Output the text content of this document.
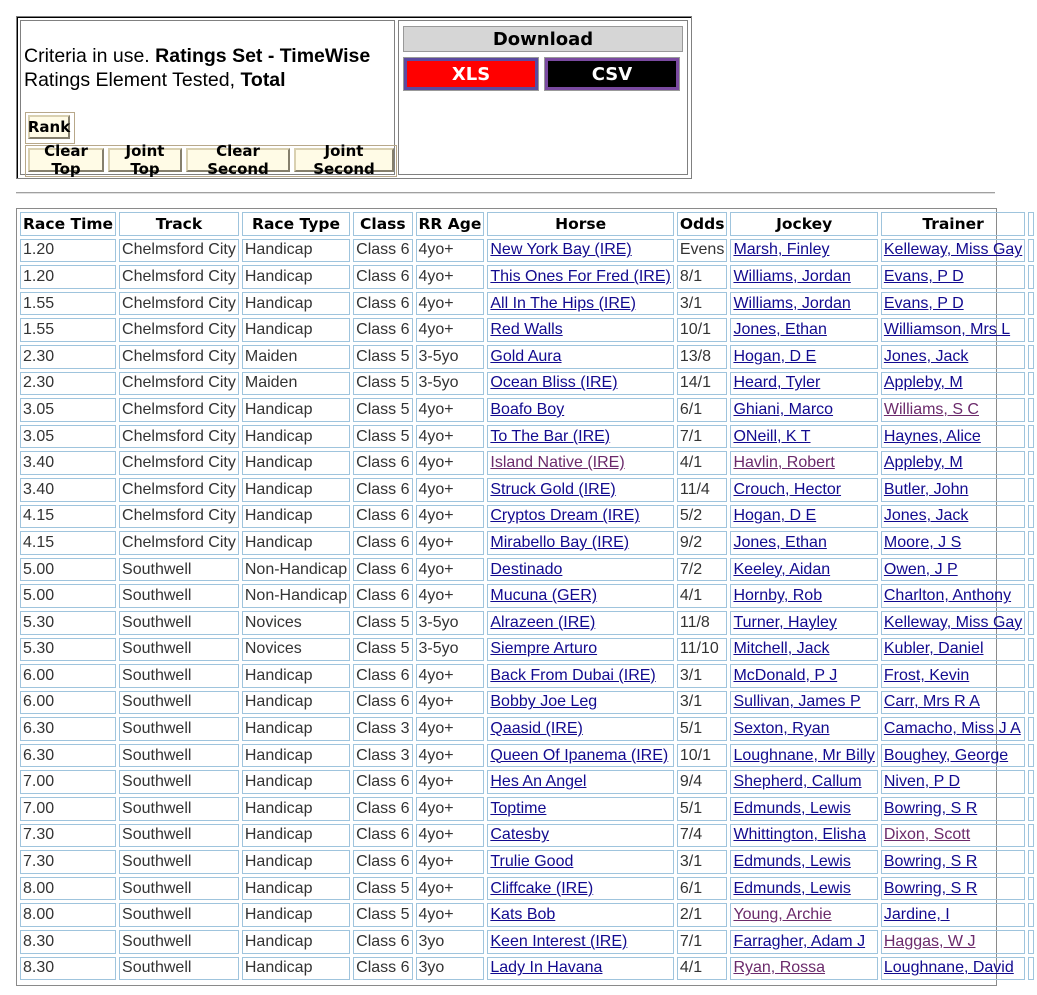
Criteria in use. Ratings Set - TimeWise
Ratings Element Tested, Total
Rank
Clear Top
Joint Top
Clear Second
Joint Second
Download
XLS	CSV
Race Time	Track	Race Type	Class	RR Age	Horse	Odds	Jockey	Trainer	
1.20	Chelmsford City	Handicap	Class 6	4yo+	New York Bay (IRE)	Evens	Marsh, Finley	Kelleway, Miss Gay	
1.20	Chelmsford City	Handicap	Class 6	4yo+	This Ones For Fred (IRE)	8/1	Williams, Jordan	Evans, P D	
1.55	Chelmsford City	Handicap	Class 6	4yo+	All In The Hips (IRE)	3/1	Williams, Jordan	Evans, P D	
1.55	Chelmsford City	Handicap	Class 6	4yo+	Red Walls	10/1	Jones, Ethan	Williamson, Mrs L	
2.30	Chelmsford City	Maiden	Class 5	3-5yo	Gold Aura	13/8	Hogan, D E	Jones, Jack	
2.30	Chelmsford City	Maiden	Class 5	3-5yo	Ocean Bliss (IRE)	14/1	Heard, Tyler	Appleby, M	
3.05	Chelmsford City	Handicap	Class 5	4yo+	Boafo Boy	6/1	Ghiani, Marco	Williams, S C	
3.05	Chelmsford City	Handicap	Class 5	4yo+	To The Bar (IRE)	7/1	ONeill, K T	Haynes, Alice	
3.40	Chelmsford City	Handicap	Class 6	4yo+	Island Native (IRE)	4/1	Havlin, Robert	Appleby, M	
3.40	Chelmsford City	Handicap	Class 6	4yo+	Struck Gold (IRE)	11/4	Crouch, Hector	Butler, John	
4.15	Chelmsford City	Handicap	Class 6	4yo+	Cryptos Dream (IRE)	5/2	Hogan, D E	Jones, Jack	
4.15	Chelmsford City	Handicap	Class 6	4yo+	Mirabello Bay (IRE)	9/2	Jones, Ethan	Moore, J S	
5.00	Southwell	Non-Handicap	Class 6	4yo+	Destinado	7/2	Keeley, Aidan	Owen, J P	
5.00	Southwell	Non-Handicap	Class 6	4yo+	Mucuna (GER)	4/1	Hornby, Rob	Charlton, Anthony	
5.30	Southwell	Novices	Class 5	3-5yo	Alrazeen (IRE)	11/8	Turner, Hayley	Kelleway, Miss Gay	
5.30	Southwell	Novices	Class 5	3-5yo	Siempre Arturo	11/10	Mitchell, Jack	Kubler, Daniel	
6.00	Southwell	Handicap	Class 6	4yo+	Back From Dubai (IRE)	3/1	McDonald, P J	Frost, Kevin	
6.00	Southwell	Handicap	Class 6	4yo+	Bobby Joe Leg	3/1	Sullivan, James P	Carr, Mrs R A	
6.30	Southwell	Handicap	Class 3	4yo+	Qaasid (IRE)	5/1	Sexton, Ryan	Camacho, Miss J A	
6.30	Southwell	Handicap	Class 3	4yo+	Queen Of Ipanema (IRE)	10/1	Loughnane, Mr Billy	Boughey, George	
7.00	Southwell	Handicap	Class 6	4yo+	Hes An Angel	9/4	Shepherd, Callum	Niven, P D	
7.00	Southwell	Handicap	Class 6	4yo+	Toptime	5/1	Edmunds, Lewis	Bowring, S R	
7.30	Southwell	Handicap	Class 6	4yo+	Catesby	7/4	Whittington, Elisha	Dixon, Scott	
7.30	Southwell	Handicap	Class 6	4yo+	Trulie Good	3/1	Edmunds, Lewis	Bowring, S R	
8.00	Southwell	Handicap	Class 5	4yo+	Cliffcake (IRE)	6/1	Edmunds, Lewis	Bowring, S R	
8.00	Southwell	Handicap	Class 5	4yo+	Kats Bob	2/1	Young, Archie	Jardine, I	
8.30	Southwell	Handicap	Class 6	3yo	Keen Interest (IRE)	7/1	Farragher, Adam J	Haggas, W J	
8.30	Southwell	Handicap	Class 6	3yo	Lady In Havana	4/1	Ryan, Rossa	Loughnane, David	
